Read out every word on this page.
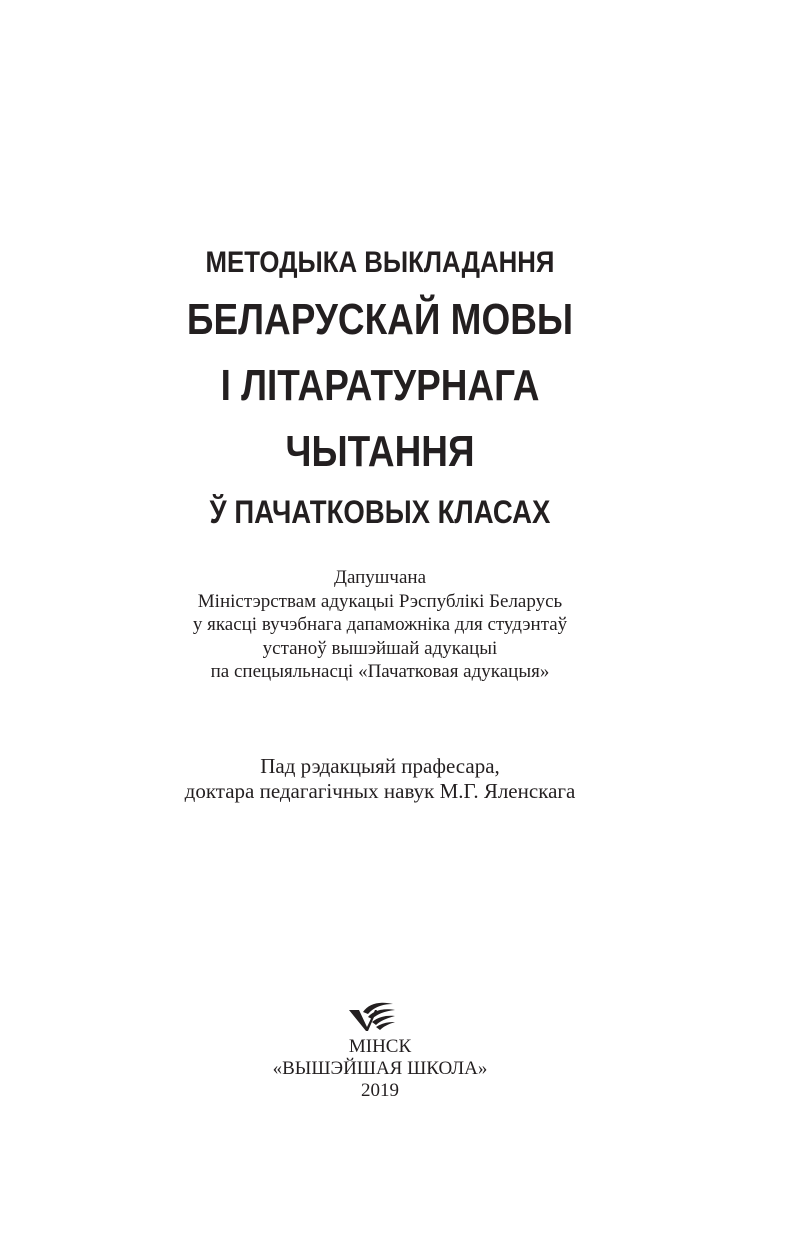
МЕТОДЫКА ВЫКЛАДАННЯ
БЕЛАРУСКАЙ МОВЫ
І ЛІТАРАТУРНАГА
ЧЫТАННЯ
Ў ПАЧАТКОВЫХ КЛАСАХ
Дапушчана
Міністэрствам адукацыі Рэспублікі Беларусь
у якасці вучэбнага дапаможніка для студэнтаў
устаноў вышэйшай адукацыі
па спецыяльнасці «Пачатковая адукацыя»
Пад рэдакцыяй прафесара,
доктара педагагічных навук М.Г. Яленскага
МІНСК
«ВЫШЭЙШАЯ ШКОЛА»
2019
